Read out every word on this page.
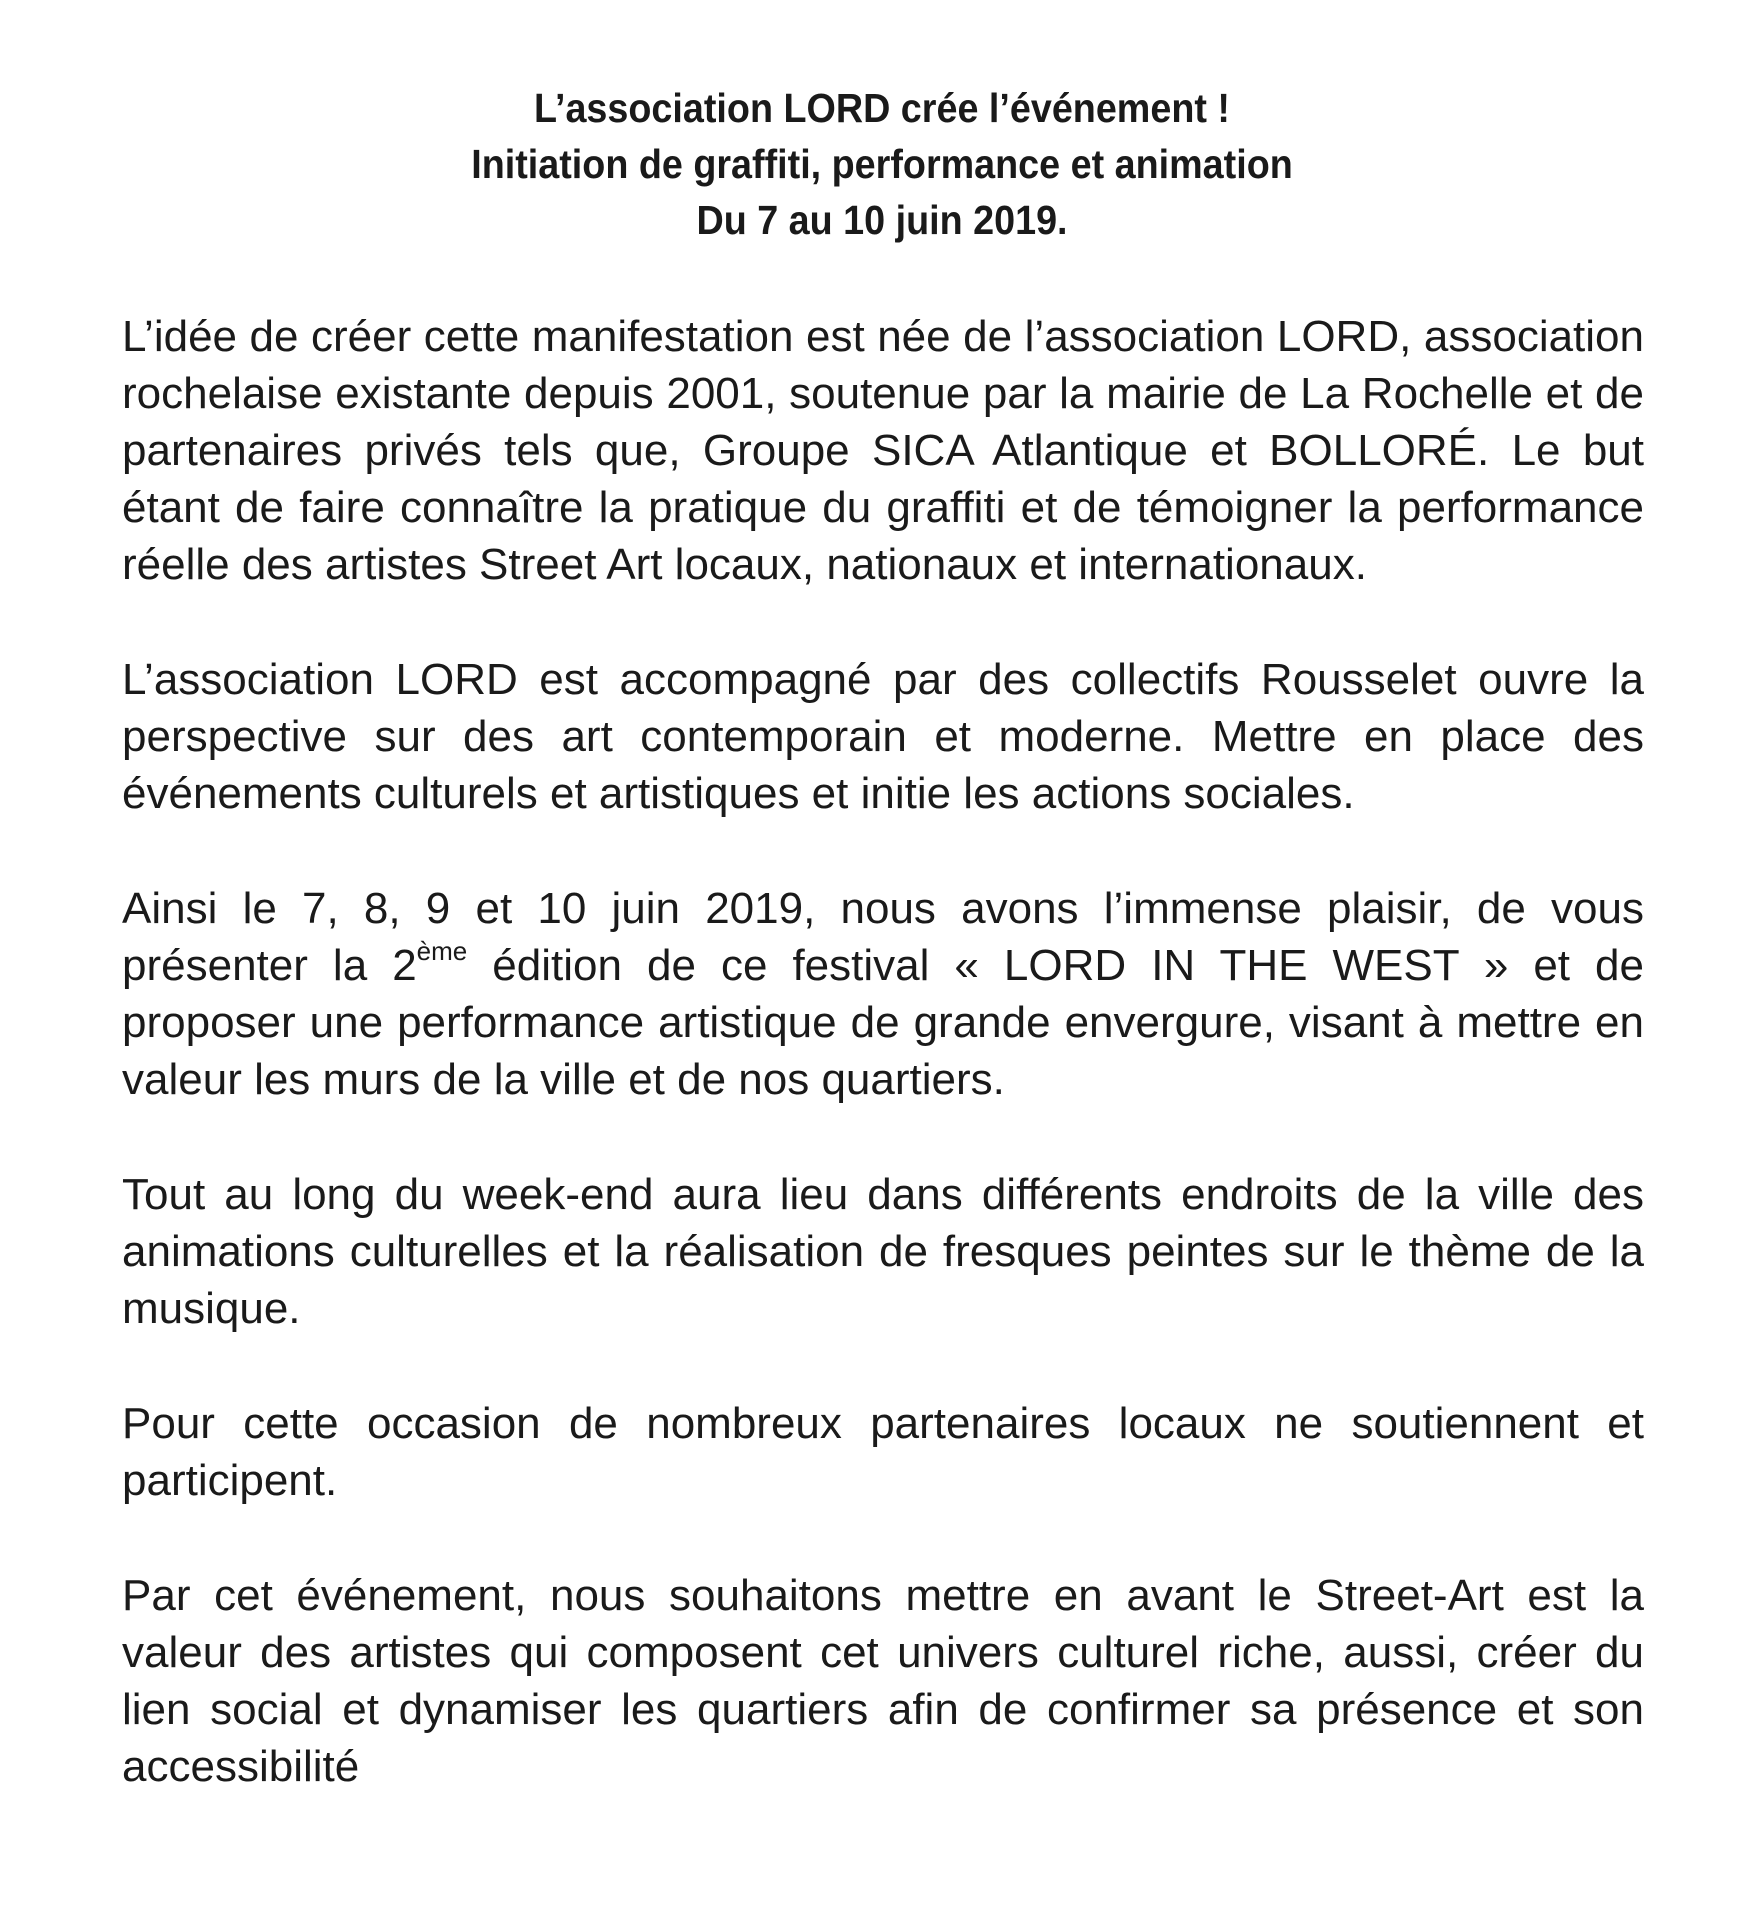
L’association LORD crée l’événement !
Initiation de graffiti, performance et animation
Du 7 au 10 juin 2019.

L’idée de créer cette manifestation est née de l’association LORD, association rochelaise existante depuis 2001, soutenue par la mairie de La Rochelle et de partenaires privés tels que, Groupe SICA Atlantique et BOLLORÉ. Le but étant de faire connaître la pratique du graffiti et de témoigner la performance réelle des artistes Street Art locaux, nationaux et internationaux.

L’association LORD est accompagné par des collectifs Rousselet ouvre la perspective sur des art contemporain et moderne. Mettre en place des événements culturels et artistiques et initie les actions sociales.

Ainsi le 7, 8, 9 et 10 juin 2019, nous avons l’immense plaisir, de vous présenter la 2ème édition de ce festival « LORD IN THE WEST » et de proposer une performance artistique de grande envergure, visant à mettre en valeur les murs de la ville et de nos quartiers.

Tout au long du week-end aura lieu dans différents endroits de la ville des animations culturelles et la réalisation de fresques peintes sur le thème de la musique.

Pour cette occasion de nombreux partenaires locaux ne soutiennent et participent.

Par cet événement, nous souhaitons mettre en avant le Street-Art est la valeur des artistes qui composent cet univers culturel riche, aussi, créer du lien social et dynamiser les quartiers afin de confirmer sa présence et son accessibilité
